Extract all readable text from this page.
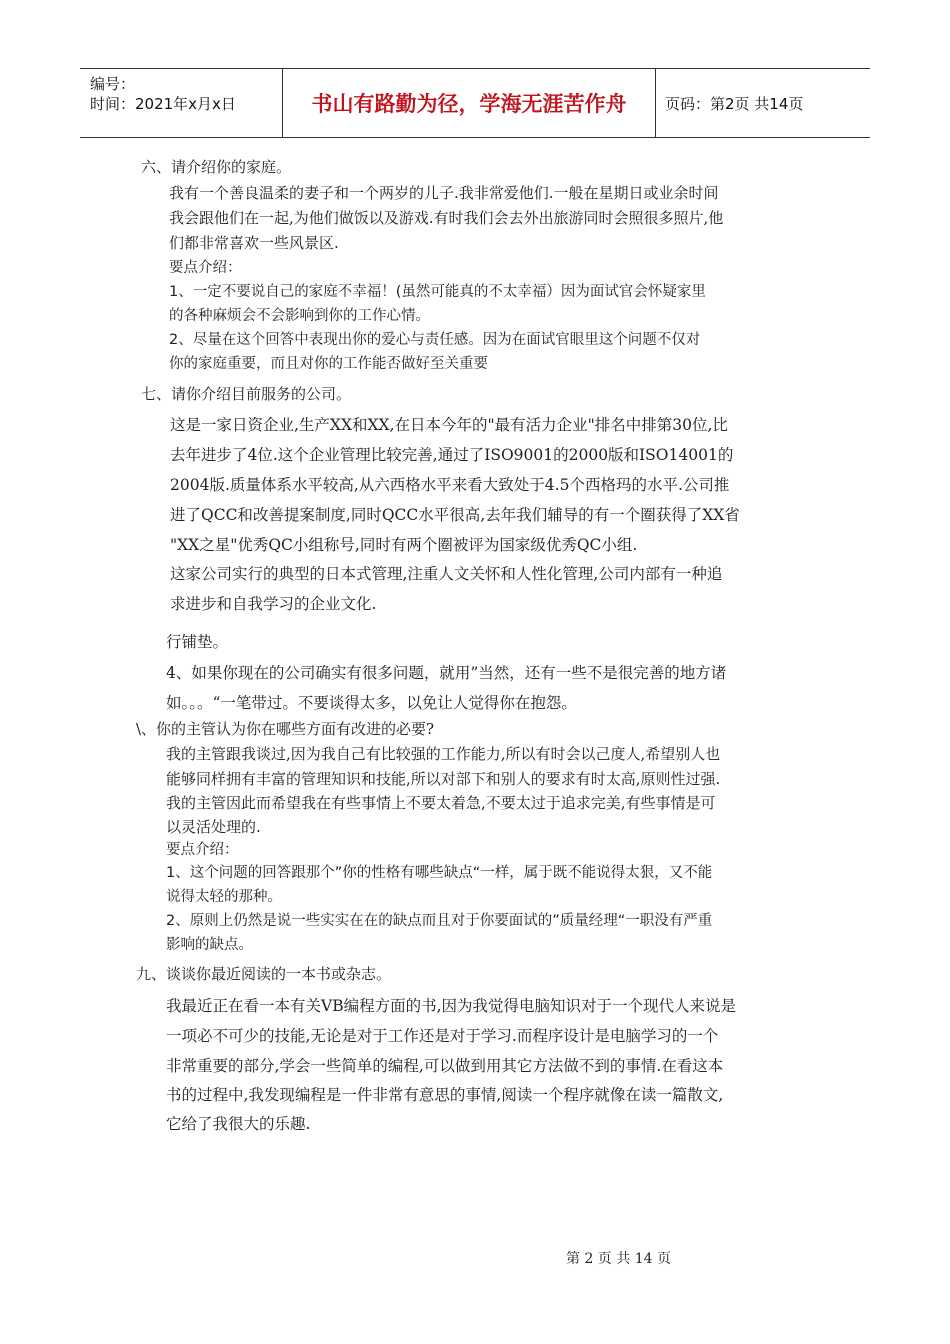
编号：
时间：2021年x月x日	书山有路勤为径，学海无涯苦作舟	页码：第2页 共14页
六、请介绍你的家庭。
我有一个善良温柔的妻子和一个两岁的儿子.我非常爱他们.一般在星期日或业余时间
我会跟他们在一起,为他们做饭以及游戏.有时我们会去外出旅游同时会照很多照片,他
们都非常喜欢一些风景区.
要点介绍：
1、一定不要说自己的家庭不幸福！(虽然可能真的不太幸福）因为面试官会怀疑家里
的各种麻烦会不会影响到你的工作心情。
2、尽量在这个回答中表现出你的爱心与责任感。因为在面试官眼里这个问题不仅对
你的家庭重要，而且对你的工作能否做好至关重要
七、请你介绍目前服务的公司。
这是一家日资企业,生产XX和XX,在日本今年的"最有活力企业"排名中排第30位,比
去年进步了4位.这个企业管理比较完善,通过了ISO9001的2000版和ISO14001的
2004版.质量体系水平较高,从六西格水平来看大致处于4.5个西格玛的水平.公司推
进了QCC和改善提案制度,同时QCC水平很高,去年我们辅导的有一个圈获得了XX省
"XX之星"优秀QC小组称号,同时有两个圈被评为国家级优秀QC小组.
这家公司实行的典型的日本式管理,注重人文关怀和人性化管理,公司内部有一种追
求进步和自我学习的企业文化.
行铺垫。
4、如果你现在的公司确实有很多问题，就用”当然，还有一些不是很完善的地方诸
如。。。“一笔带过。不要谈得太多，以免让人觉得你在抱怨。
\、你的主管认为你在哪些方面有改进的必要?
我的主管跟我谈过,因为我自己有比较强的工作能力,所以有时会以己度人,希望别人也
能够同样拥有丰富的管理知识和技能,所以对部下和别人的要求有时太高,原则性过强.
我的主管因此而希望我在有些事情上不要太着急,不要太过于追求完美,有些事情是可
以灵活处理的.
要点介绍：
1、这个问题的回答跟那个”你的性格有哪些缺点“一样，属于既不能说得太狠，又不能
说得太轻的那种。
2、原则上仍然是说一些实实在在的缺点而且对于你要面试的”质量经理“一职没有严重
影响的缺点。
九、谈谈你最近阅读的一本书或杂志。
我最近正在看一本有关VB编程方面的书,因为我觉得电脑知识对于一个现代人来说是
一项必不可少的技能,无论是对于工作还是对于学习.而程序设计是电脑学习的一个
非常重要的部分,学会一些简单的编程,可以做到用其它方法做不到的事情.在看这本
书的过程中,我发现编程是一件非常有意思的事情,阅读一个程序就像在读一篇散文,
它给了我很大的乐趣.
第 2 页 共 14 页
